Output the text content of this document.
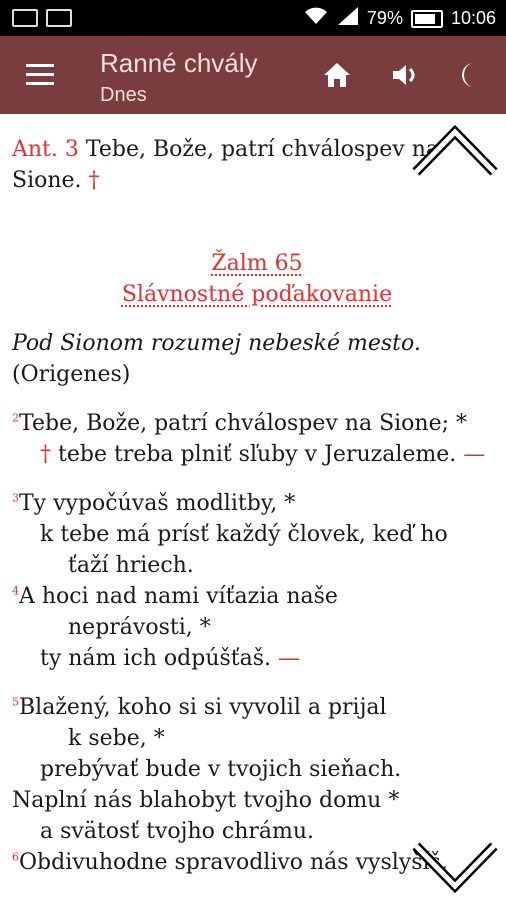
79%	10:06
Ranné chvály
Dnes

Ant. 3 Tebe, Bože, patrí chválospev na Sione. †

Žalm 65

Slávnostné poďakovanie

Pod Sionom rozumej nebeské mesto.

(Origenes)

$^2$Tebe, Bože, patrí chválospev na Sione; *

† tebe treba plniť sľuby v Jeruzaleme. —

$^3$Ty vypočúvaš modlitby, *

k tebe má prísť každý človek, keď ho

ťaží hriech.

$^4$A hoci nad nami víťazia naše

neprávosti, *

ty nám ich odpúšťaš. —

$^5$Blažený, koho si si vyvolil a prijal

k sebe, *

prebývať bude v tvojich sieňach.

Naplní nás blahobyt tvojho domu *

a svätosť tvojho chrámu.

$^6$Obdivuhodne spravodlivo nás vyslyšíš,
